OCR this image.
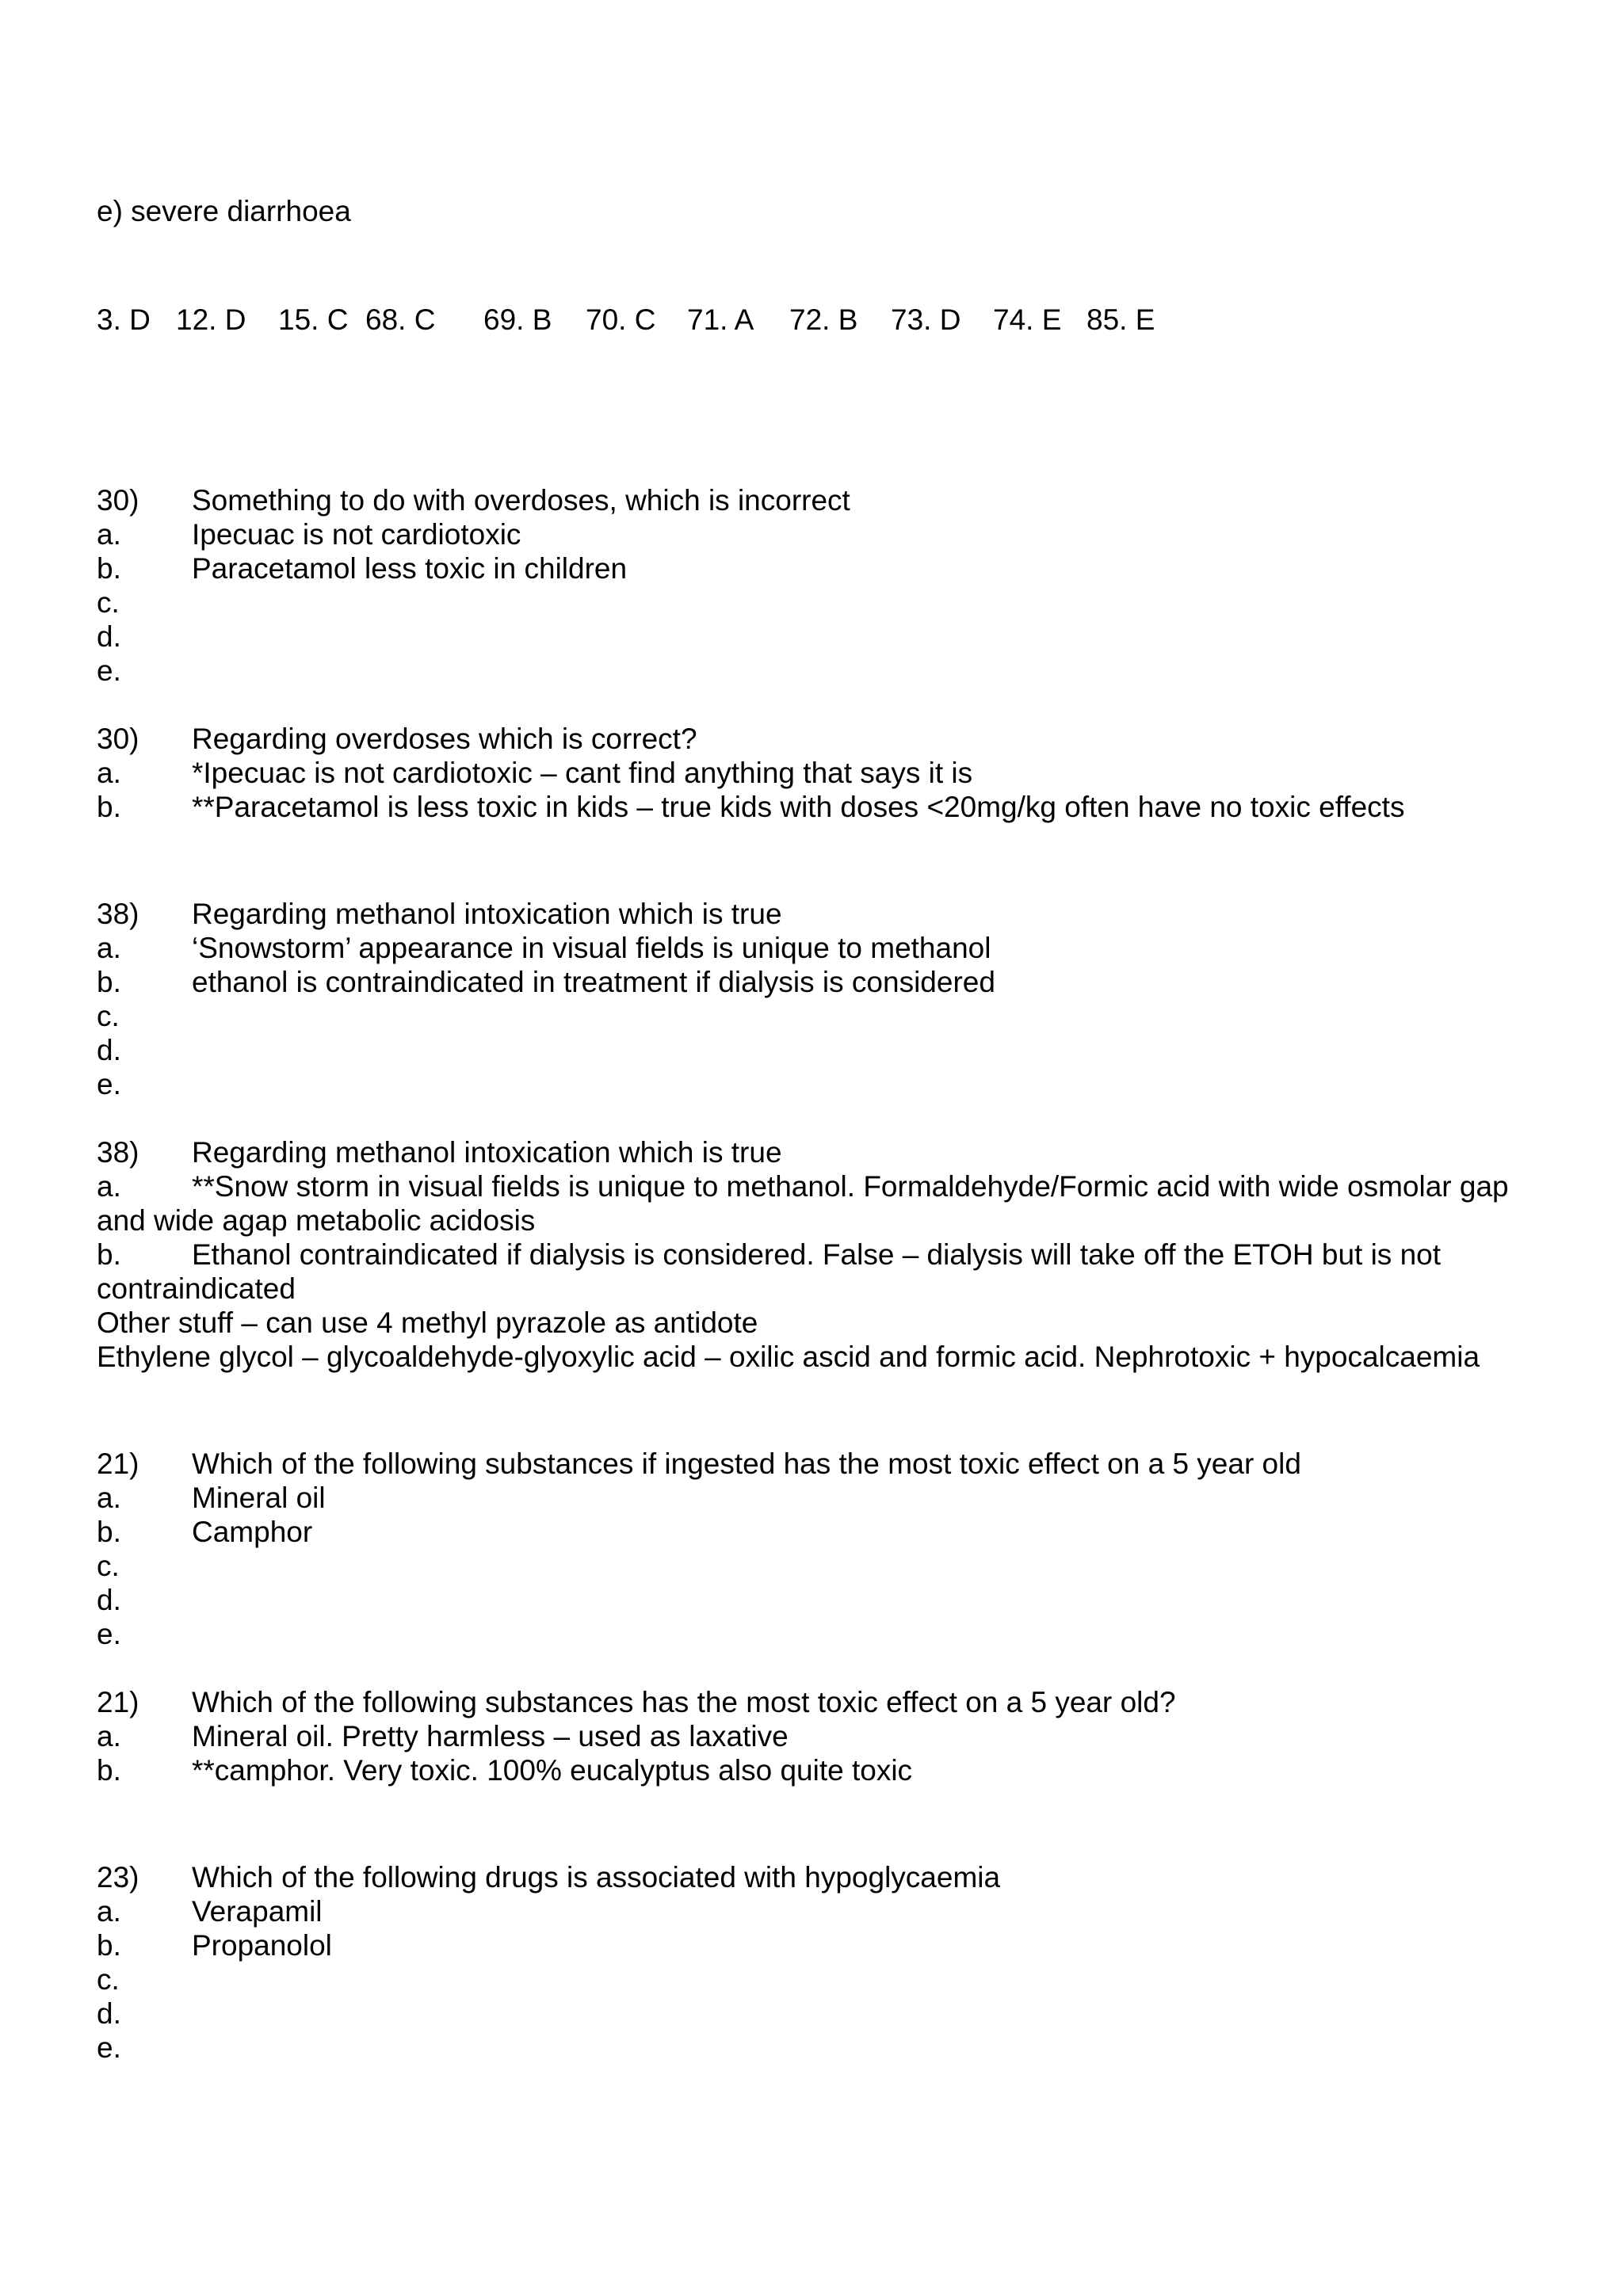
e) severe diarrhoea
3. D 12. D 15. C 68. C 69. B 70. C 71. A 72. B 73. D 74. E 85. E
30) Something to do with overdoses, which is incorrect
a. Ipecuac is not cardiotoxic
b. Paracetamol less toxic in children
c.
d.
e.
30) Regarding overdoses which is correct?
a. *Ipecuac is not cardiotoxic – cant find anything that says it is
b. **Paracetamol is less toxic in kids – true kids with doses <20mg/kg often have no toxic effects
38) Regarding methanol intoxication which is true
a. ‘Snowstorm’ appearance in visual fields is unique to methanol
b. ethanol is contraindicated in treatment if dialysis is considered
c.
d.
e.
38) Regarding methanol intoxication which is true
a. **Snow storm in visual fields is unique to methanol. Formaldehyde/Formic acid with wide osmolar gap
and wide agap metabolic acidosis
b. Ethanol contraindicated if dialysis is considered. False – dialysis will take off the ETOH but is not
contraindicated
Other stuff – can use 4 methyl pyrazole as antidote
Ethylene glycol – glycoaldehyde-glyoxylic acid – oxilic ascid and formic acid. Nephrotoxic + hypocalcaemia
21) Which of the following substances if ingested has the most toxic effect on a 5 year old
a. Mineral oil
b. Camphor
c.
d.
e.
21) Which of the following substances has the most toxic effect on a 5 year old?
a. Mineral oil. Pretty harmless – used as laxative
b. **camphor. Very toxic. 100% eucalyptus also quite toxic
23) Which of the following drugs is associated with hypoglycaemia
a. Verapamil
b. Propanolol
c.
d.
e.
